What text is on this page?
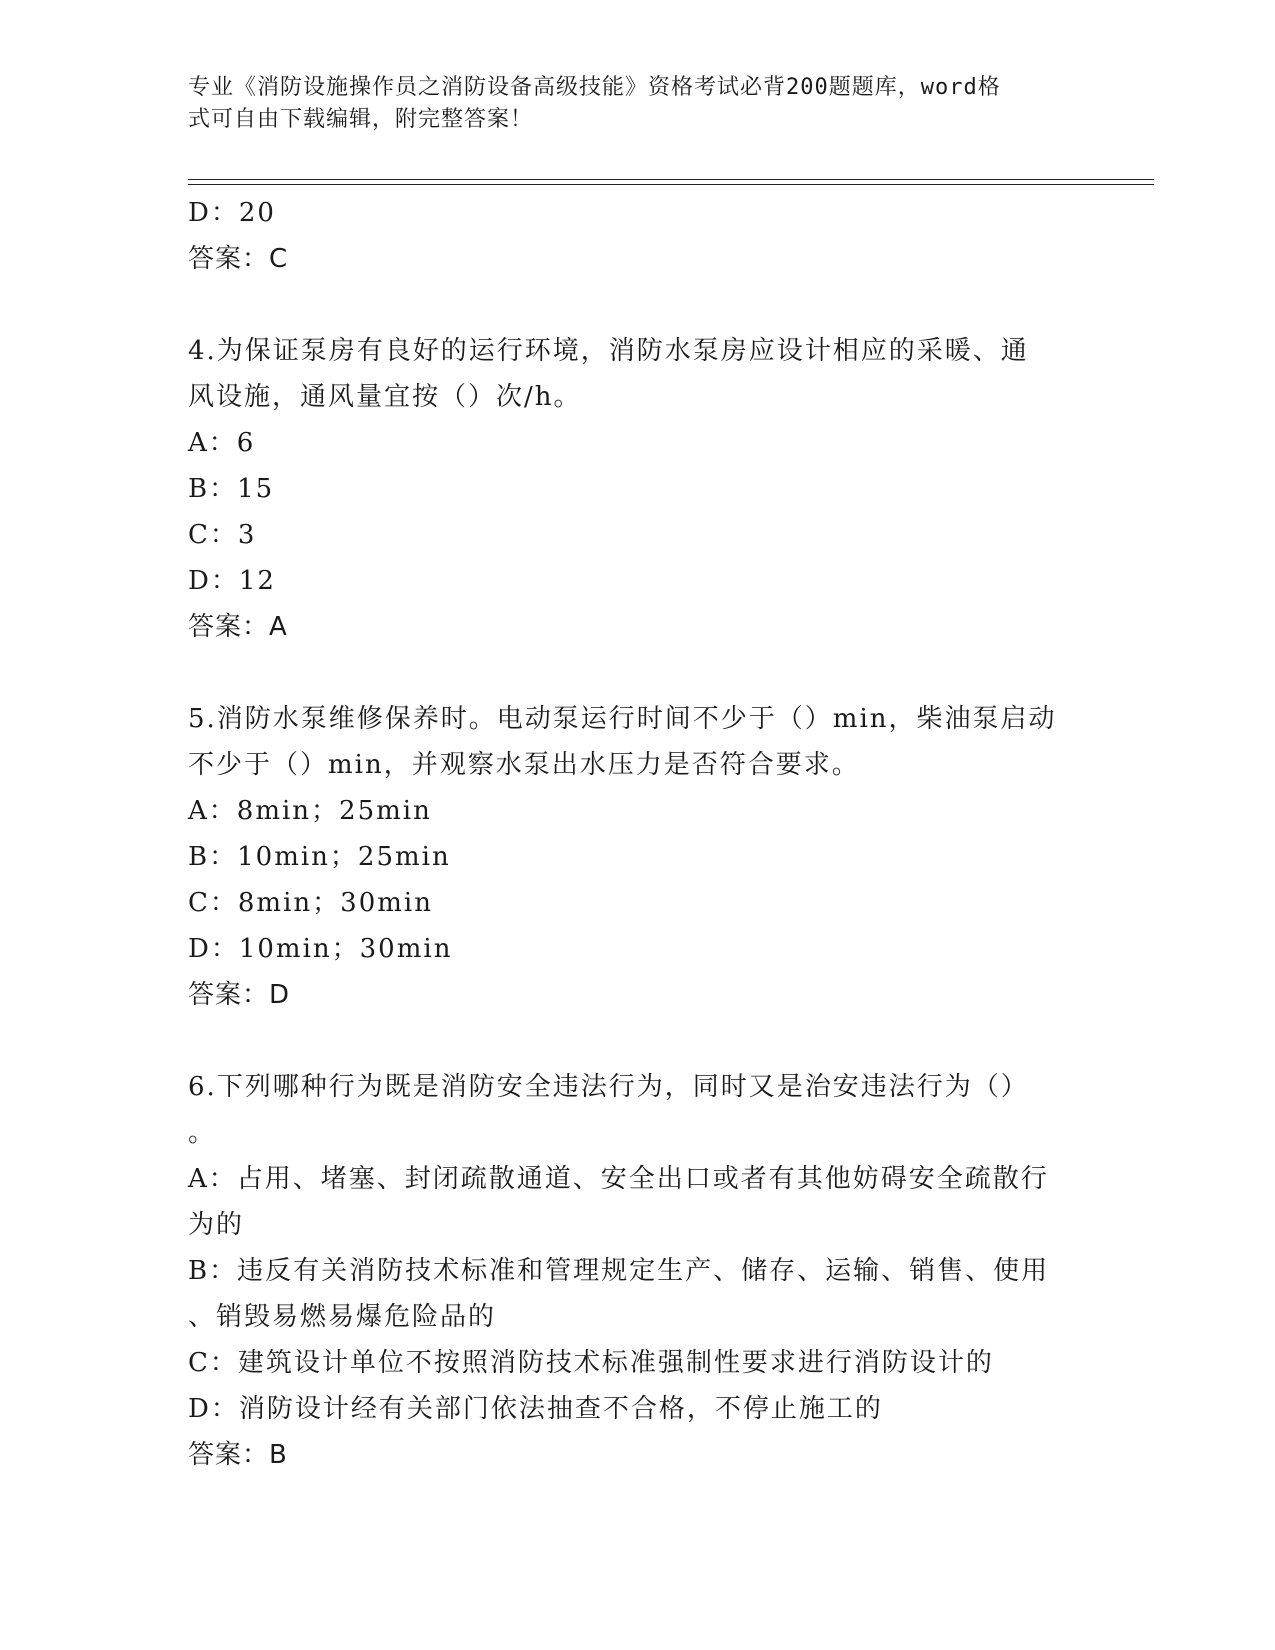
专业《消防设施操作员之消防设备高级技能》资格考试必背200题题库，word格
式可自由下载编辑，附完整答案！
D：20
答案：C
4.为保证泵房有良好的运行环境，消防水泵房应设计相应的采暖、通
风设施，通风量宜按（）次/h。
A：6
B：15
C：3
D：12
答案：A
5.消防水泵维修保养时。电动泵运行时间不少于（）min，柴油泵启动
不少于（）min，并观察水泵出水压力是否符合要求。
A：8min；25min
B：10min；25min
C：8min；30min
D：10min；30min
答案：D
6.下列哪种行为既是消防安全违法行为，同时又是治安违法行为（）
。
A：占用、堵塞、封闭疏散通道、安全出口或者有其他妨碍安全疏散行
为的
B：违反有关消防技术标准和管理规定生产、储存、运输、销售、使用
、销毁易燃易爆危险品的
C：建筑设计单位不按照消防技术标准强制性要求进行消防设计的
D：消防设计经有关部门依法抽查不合格，不停止施工的
答案：B
